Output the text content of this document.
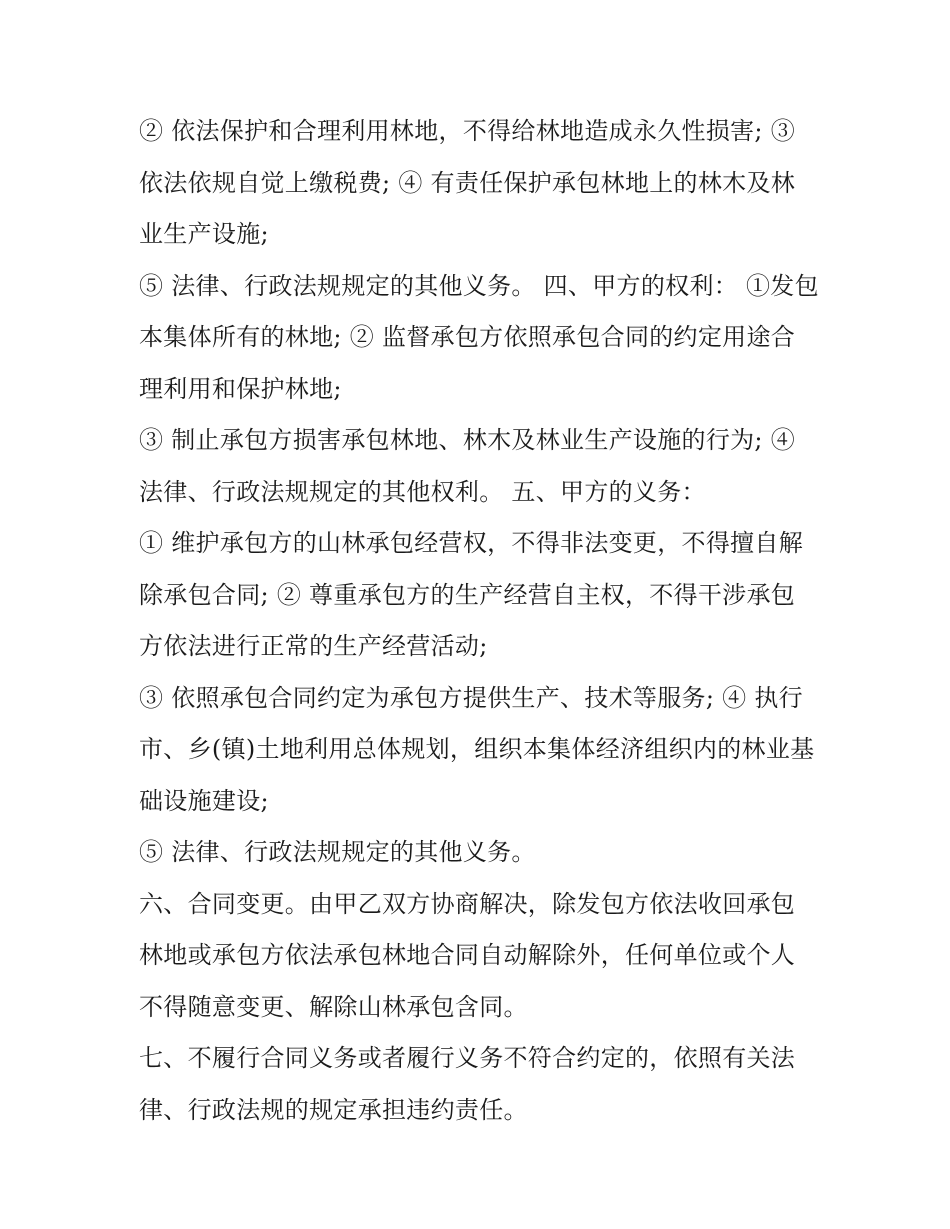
② 依法保护和合理利用林地，不得给林地造成永久性损害; ③ 依法依规自觉上缴税费; ④ 有责任保护承包林地上的林木及林业生产设施;

⑤ 法律、行政法规规定的其他义务。 四、甲方的权利： ①发包本集体所有的林地; ② 监督承包方依照承包合同的约定用途合理利用和保护林地;

③ 制止承包方损害承包林地、林木及林业生产设施的行为; ④ 法律、行政法规规定的其他权利。 五、甲方的义务：

① 维护承包方的山林承包经营权，不得非法变更，不得擅自解除承包合同; ② 尊重承包方的生产经营自主权，不得干涉承包方依法进行正常的生产经营活动;

③ 依照承包合同约定为承包方提供生产、技术等服务; ④ 执行市、乡(镇)土地利用总体规划，组织本集体经济组织内的林业基础设施建设;

⑤ 法律、行政法规规定的其他义务。

六、合同变更。由甲乙双方协商解决，除发包方依法收回承包林地或承包方依法承包林地合同自动解除外，任何单位或个人不得随意变更、解除山林承包含同。

七、不履行合同义务或者履行义务不符合约定的，依照有关法律、行政法规的规定承担违约责任。
